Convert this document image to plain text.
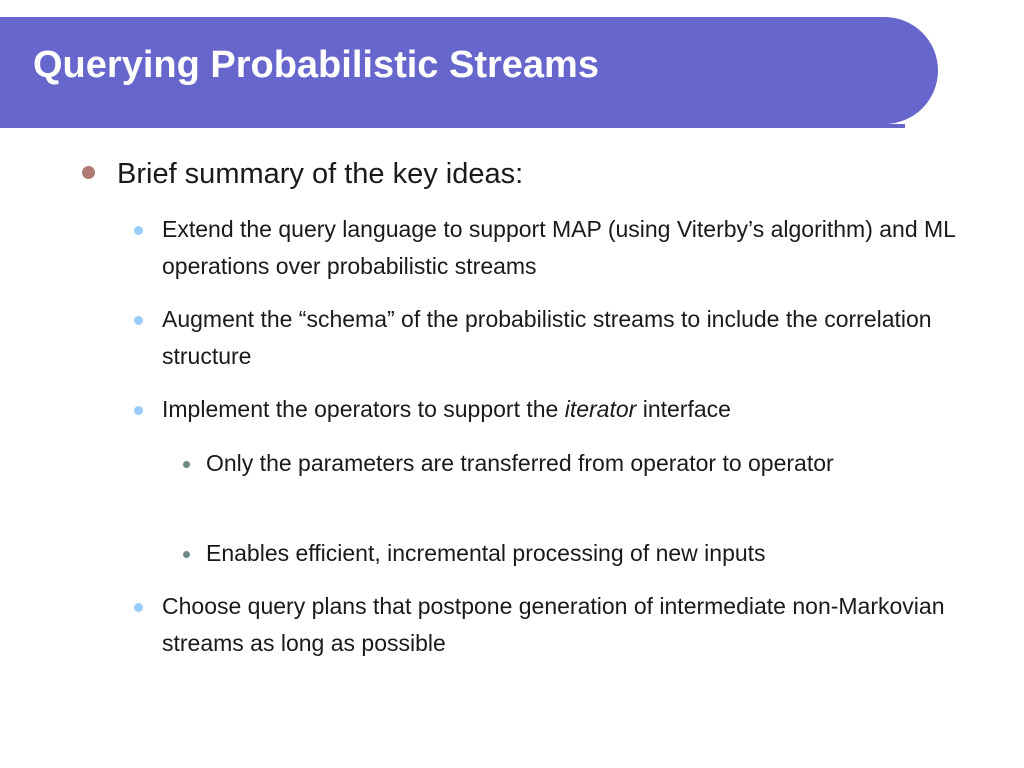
Querying Probabilistic Streams

Brief summary of the key ideas:

Extend the query language to support MAP (using Viterby’s algorithm) and ML operations over probabilistic streams

Augment the “schema” of the probabilistic streams to include the correlation structure

Implement the operators to support the iterator interface

Only the parameters are transferred from operator to operator

Enables efficient, incremental processing of new inputs

Choose query plans that postpone generation of intermediate non-Markovian streams as long as possible
